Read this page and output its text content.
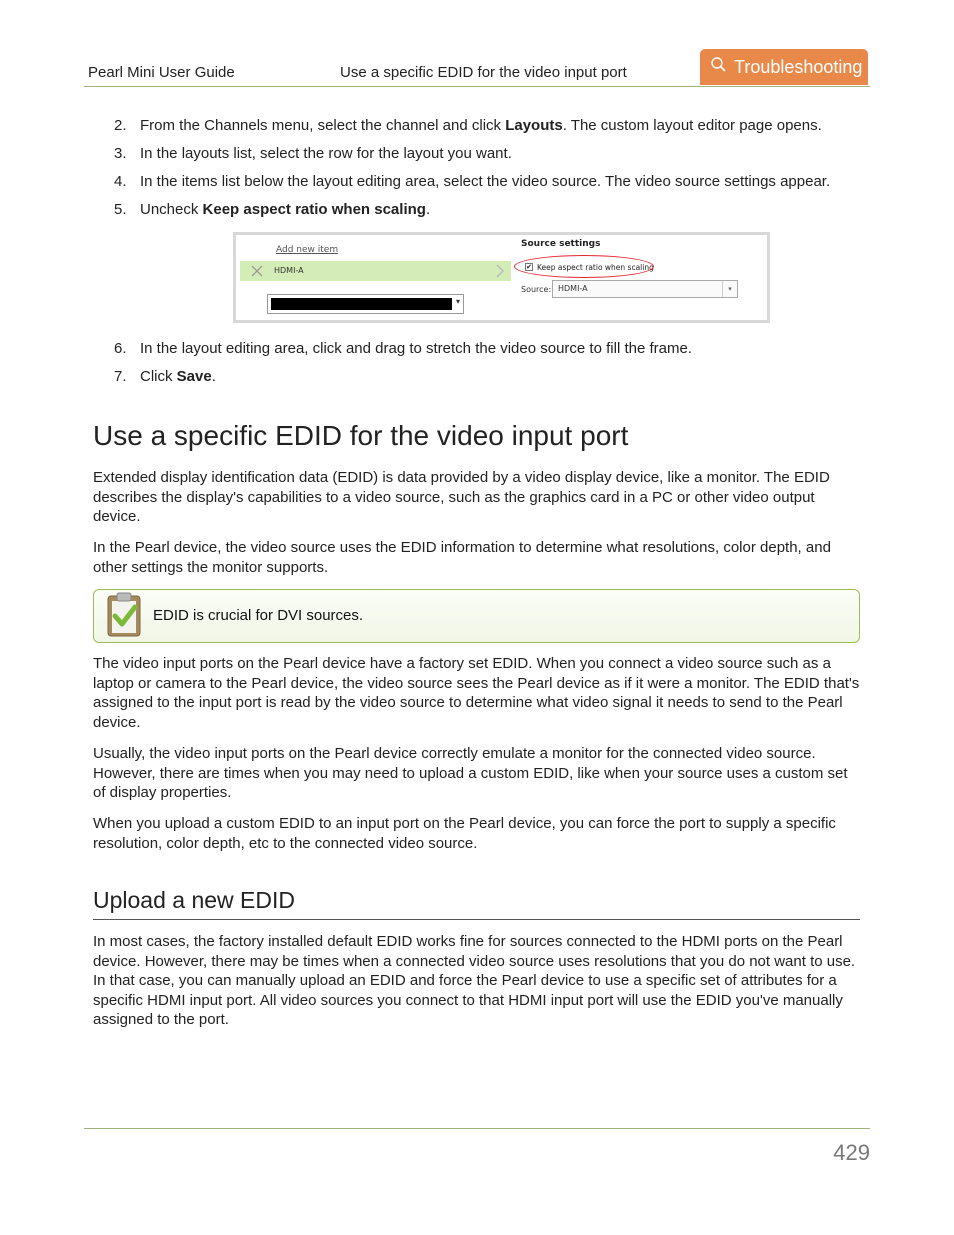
Pearl Mini User Guide	Use a specific EDID for the video input port	Troubleshooting
2. From the Channels menu, select the channel and click Layouts. The custom layout editor page opens.
3. In the layouts list, select the row for the layout you want.
4. In the items list below the layout editing area, select the video source. The video source settings appear.
5. Uncheck Keep aspect ratio when scaling.
Add new item
HDMI-A
▾
Source settings
✔ Keep aspect ratio when scaling
Source: HDMI-A	▾
6. In the layout editing area, click and drag to stretch the video source to fill the frame.
7. Click Save.
Use a specific EDID for the video input port
Extended display identification data (EDID) is data provided by a video display device, like a monitor. The EDID describes the display's capabilities to a video source, such as the graphics card in a PC or other video output device.
In the Pearl device, the video source uses the EDID information to determine what resolutions, color depth, and other settings the monitor supports.
EDID is crucial for DVI sources.
The video input ports on the Pearl device have a factory set EDID. When you connect a video source such as a laptop or camera to the Pearl device, the video source sees the Pearl device as if it were a monitor. The EDID that's assigned to the input port is read by the video source to determine what video signal it needs to send to the Pearl device.
Usually, the video input ports on the Pearl device correctly emulate a monitor for the connected video source. However, there are times when you may need to upload a custom EDID, like when your source uses a custom set of display properties.
When you upload a custom EDID to an input port on the Pearl device, you can force the port to supply a specific resolution, color depth, etc to the connected video source.
Upload a new EDID
In most cases, the factory installed default EDID works fine for sources connected to the HDMI ports on the Pearl device. However, there may be times when a connected video source uses resolutions that you do not want to use. In that case, you can manually upload an EDID and force the Pearl device to use a specific set of attributes for a specific HDMI input port. All video sources you connect to that HDMI input port will use the EDID you've manually assigned to the port.
429
